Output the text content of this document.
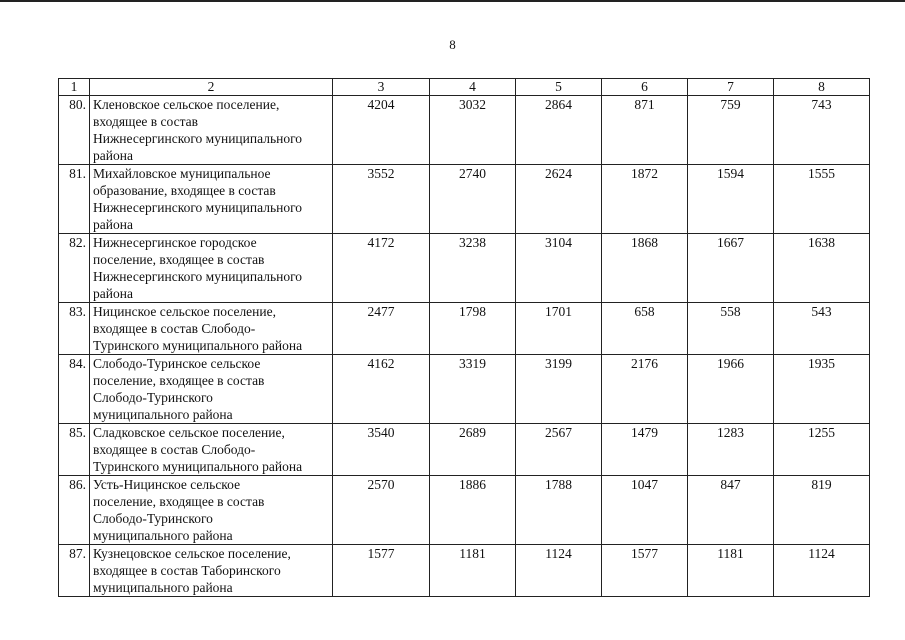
8
1	2	3	4	5	6	7	8
80.	Кленовское сельское поселение,
входящее в состав
Нижнесергинского муниципального
района	4204	3032	2864	871	759	743
81.	Михайловское муниципальное
образование, входящее в состав
Нижнесергинского муниципального
района	3552	2740	2624	1872	1594	1555
82.	Нижнесергинское городское
поселение, входящее в состав
Нижнесергинского муниципального
района	4172	3238	3104	1868	1667	1638
83.	Ницинское сельское поселение,
входящее в состав Слободо-
Туринского муниципального района	2477	1798	1701	658	558	543
84.	Слободо-Туринское сельское
поселение, входящее в состав
Слободо-Туринского
муниципального района	4162	3319	3199	2176	1966	1935
85.	Сладковское сельское поселение,
входящее в состав Слободо-
Туринского муниципального района	3540	2689	2567	1479	1283	1255
86.	Усть-Ницинское сельское
поселение, входящее в состав
Слободо-Туринского
муниципального района	2570	1886	1788	1047	847	819
87.	Кузнецовское сельское поселение,
входящее в состав Таборинского
муниципального района	1577	1181	1124	1577	1181	1124
